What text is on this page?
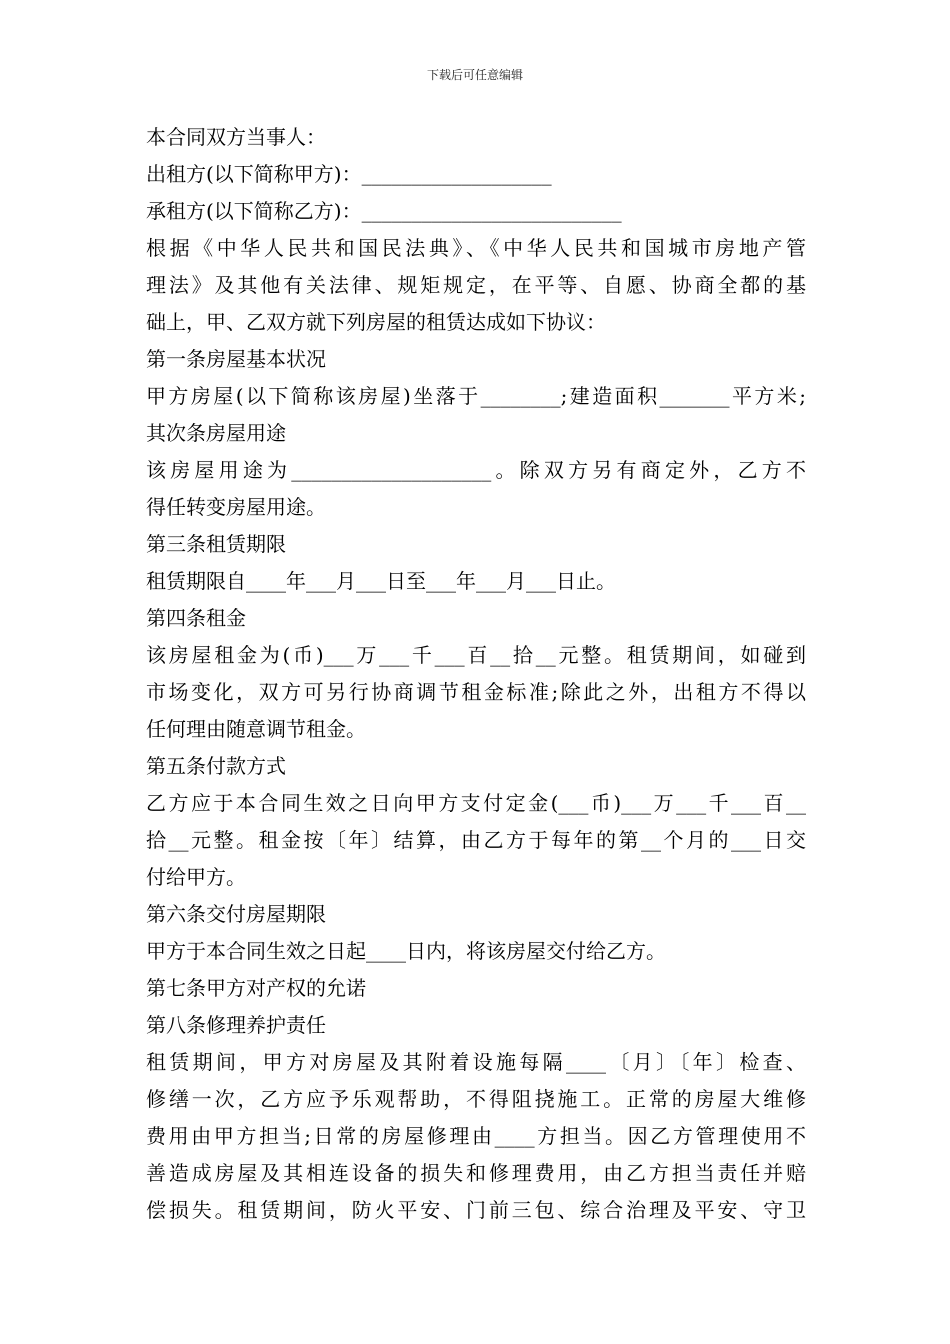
下载后可任意编辑
本合同双方当事人：
出租方(以下简称甲方)：___________________
承租方(以下简称乙方)：__________________________
根据《中华人民共和国民法典》、《中华人民共和国城市房地产管
理法》及其他有关法律、规矩规定，在平等、自愿、协商全都的基
础上，甲、乙双方就下列房屋的租赁达成如下协议：
第一条房屋基本状况
甲方房屋(以下简称该房屋)坐落于________;建造面积_______平方米;
其次条房屋用途
该房屋用途为____________________。除双方另有商定外，乙方不
得任转变房屋用途。
第三条租赁期限
租赁期限自____年___月___日至___年___月___日止。
第四条租金
该房屋租金为(币)___万___千___百__拾__元整。租赁期间，如碰到
市场变化，双方可另行协商调节租金标准;除此之外，出租方不得以
任何理由随意调节租金。
第五条付款方式
乙方应于本合同生效之日向甲方支付定金(___币)___万___千___百__
拾__元整。租金按〔年〕结算，由乙方于每年的第__个月的___日交
付给甲方。
第六条交付房屋期限
甲方于本合同生效之日起____日内，将该房屋交付给乙方。
第七条甲方对产权的允诺
第八条修理养护责任
租赁期间，甲方对房屋及其附着设施每隔____〔月〕〔年〕检查、
修缮一次，乙方应予乐观帮助，不得阻挠施工。正常的房屋大维修
费用由甲方担当;日常的房屋修理由____方担当。因乙方管理使用不
善造成房屋及其相连设备的损失和修理费用，由乙方担当责任并赔
偿损失。租赁期间，防火平安、门前三包、综合治理及平安、守卫
